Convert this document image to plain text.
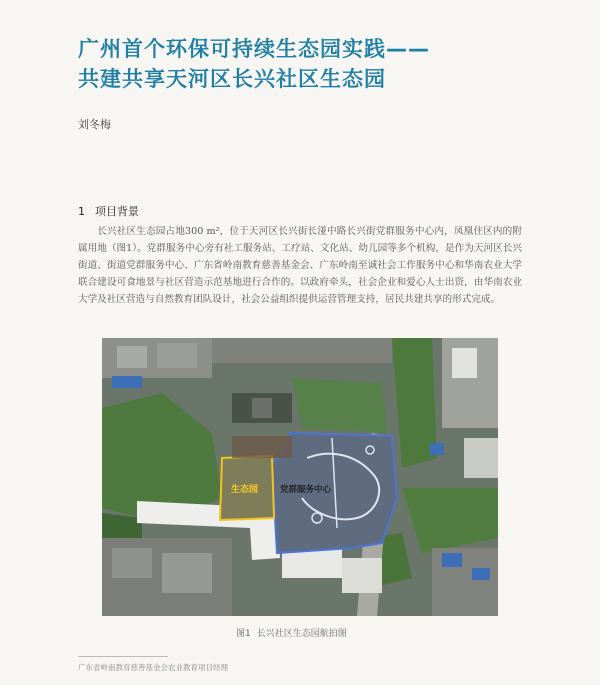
广州首个环保可持续生态园实践——
共建共享天河区长兴社区生态园
刘冬梅
1 项目背景

长兴社区生态园占地300 m²，位于天河区长兴街长湴中路长兴街党群服务中心内，凤凰住区内的附属用地（图1）。党群服务中心旁有社工服务站、工疗站、文化站、幼儿园等多个机构，是作为天河区长兴街道、街道党群服务中心、广东省岭南教育慈善基金会、广东岭南至诚社会工作服务中心和华南农业大学联合建设可食地景与社区营造示范基地进行合作的。以政府牵头，社会企业和爱心人士出资，由华南农业大学及社区营造与自然教育团队设计，社会公益组织提供运营管理支持，居民共建共享的形式完成。

生态园	党群服务中心
图1 长兴社区生态园航拍图
广东省岭南教育慈善基金会农业教育项目经理
